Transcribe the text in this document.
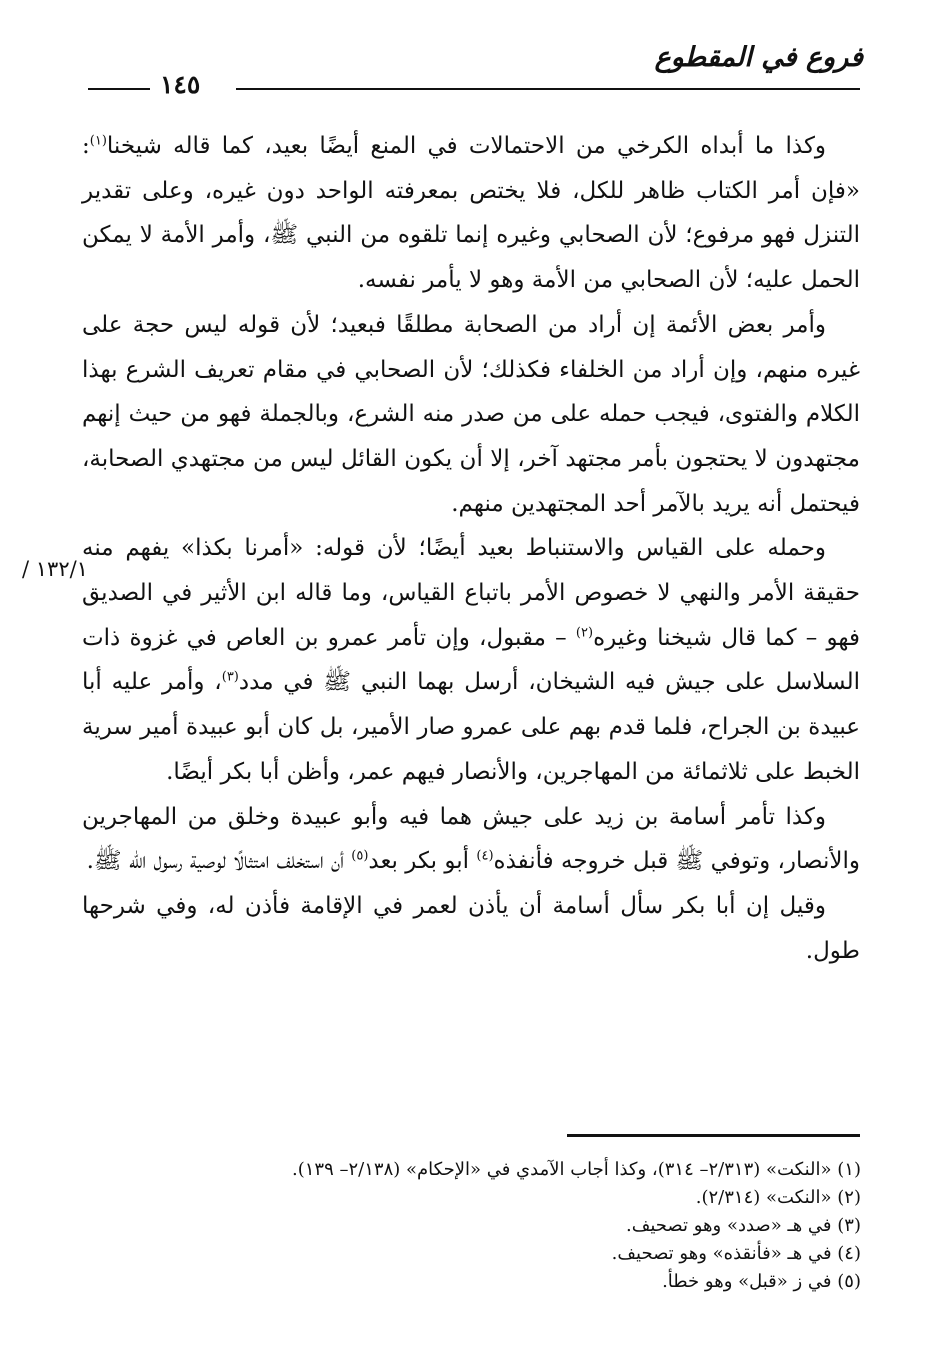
فروع في المقطوع
١٤٥
١٣٢/١ /

وكذا ما أبداه الكرخي من الاحتمالات في المنع أيضًا بعيد، كما قاله شيخنا$^{(١)}$: «فإن أمر الكتاب ظاهر للكل، فلا يختص بمعرفته الواحد دون غيره، وعلى تقدير التنزل فهو مرفوع؛ لأن الصحابي وغيره إنما تلقوه من النبي ﷺ، وأمر الأمة لا يمكن الحمل عليه؛ لأن الصحابي من الأمة وهو لا يأمر نفسه.

وأمر بعض الأئمة إن أراد من الصحابة مطلقًا فبعيد؛ لأن قوله ليس حجة على غيره منهم، وإن أراد من الخلفاء فكذلك؛ لأن الصحابي في مقام تعريف الشرع بهذا الكلام والفتوى، فيجب حمله على من صدر منه الشرع، وبالجملة فهو من حيث إنهم مجتهدون لا يحتجون بأمر مجتهد آخر، إلا أن يكون القائل ليس من مجتهدي الصحابة، فيحتمل أنه يريد بالآمر أحد المجتهدين منهم.

وحمله على القياس والاستنباط بعيد أيضًا؛ لأن قوله: «أمرنا بكذا» يفهم منه حقيقة الأمر والنهي لا خصوص الأمر باتباع القياس، وما قاله ابن الأثير في الصديق فهو – كما قال شيخنا وغيره$^{(٢)}$ – مقبول، وإن تأمر عمرو بن العاص في غزوة ذات السلاسل على جيش فيه الشيخان، أرسل بهما النبي ﷺ في مدد$^{(٣)}$، وأمر عليه أبا عبيدة بن الجراح، فلما قدم بهم على عمرو صار الأمير، بل كان أبو عبيدة أمير سرية الخبط على ثلاثمائة من المهاجرين، والأنصار فيهم عمر، وأظن أبا بكر أيضًا.

وكذا تأمر أسامة بن زيد على جيش هما فيه وأبو عبيدة وخلق من المهاجرين والأنصار، وتوفي ﷺ قبل خروجه فأنفذه$^{(٤)}$ أبو بكر بعد$^{(٥)}$ أن استخلف امتثالًا لوصية رسول الله ﷺ.

وقيل إن أبا بكر سأل أسامة أن يأذن لعمر في الإقامة فأذن له، وفي شرحها طول.

(١) «النكت» (٢/٣١٣– ٣١٤)، وكذا أجاب الآمدي في «الإحكام» (٢/١٣٨– ١٣٩).

(٢) «النكت» (٢/٣١٤).

(٣) في هـ «صدد» وهو تصحيف.

(٤) في هـ «فأنقذه» وهو تصحيف.

(٥) في ز «قبل» وهو خطأ.
